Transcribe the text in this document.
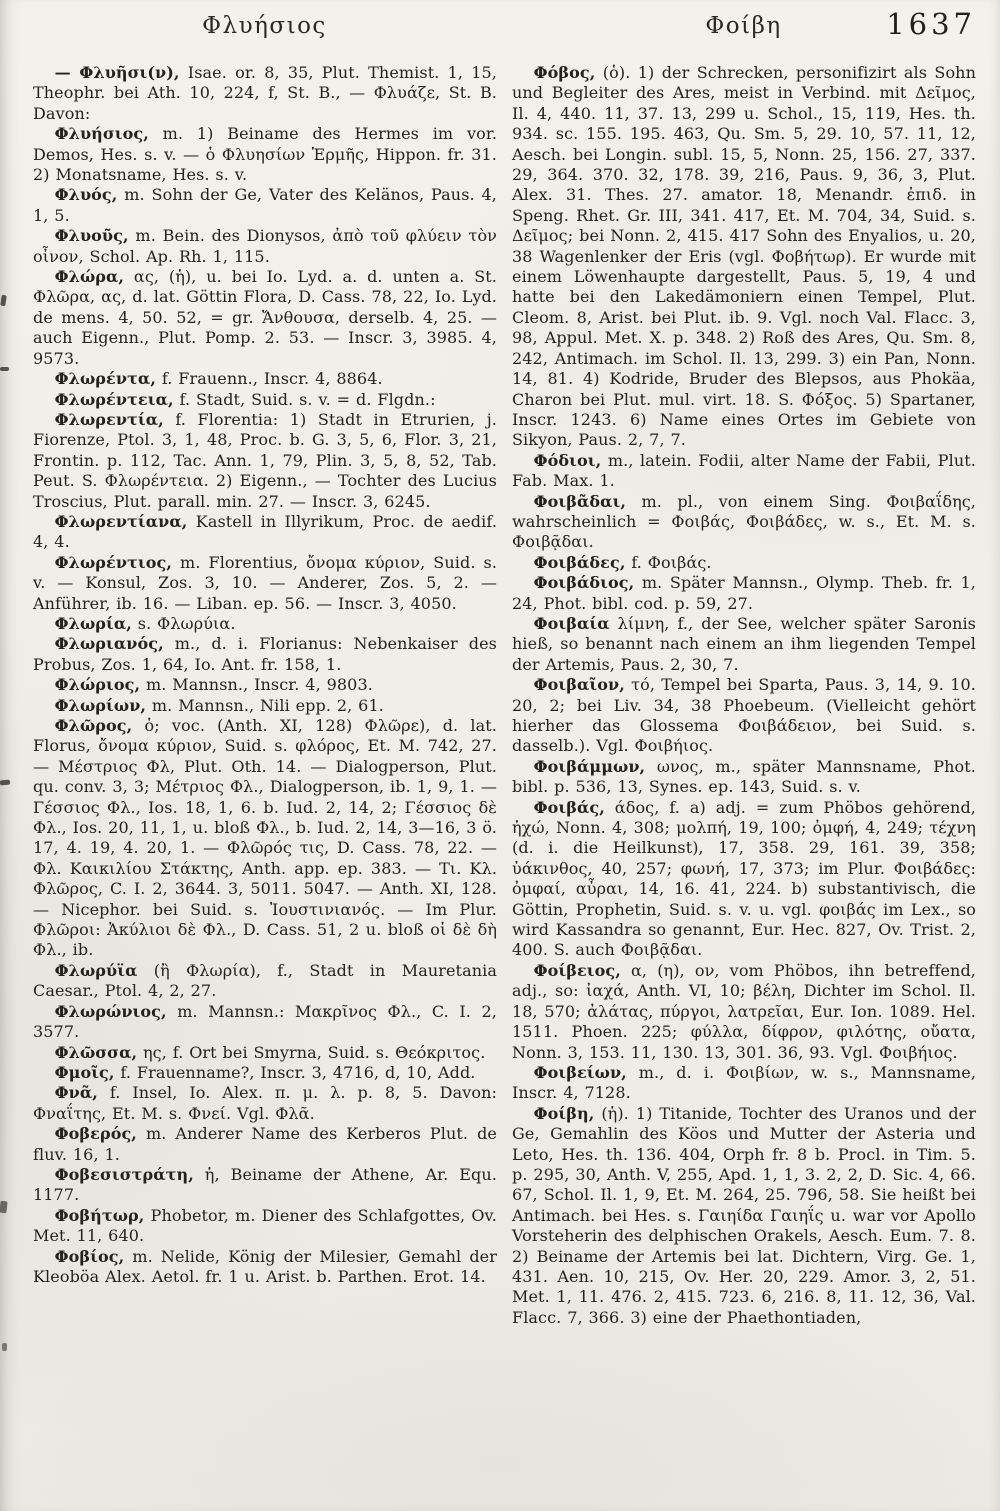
Φλυήσιος	Φοίβη	1637

— Φλυῆσι(ν), Isae. or. 8, 35, Plut. Themist. 1, 15, Theophr. bei Ath. 10, 224, f, St. B., — Φλυάζε, St. B. Davon:

Φλυήσιος, m. 1) Beiname des Hermes im vor. Demos, Hes. s. v. — ὁ Φλυησίων Ἑρμῆς, Hippon. fr. 31. 2) Monatsname, Hes. s. v.

Φλυός, m. Sohn der Ge, Vater des Kelänos, Paus. 4, 1, 5.

Φλυοῦς, m. Bein. des Dionysos, ἀπὸ τοῦ φλύειν τὸν οἶνον, Schol. Ap. Rh. 1, 115.

Φλώρα, ας, (ἡ), u. bei Io. Lyd. a. d. unten a. St. Φλῶρα, ας, d. lat. Göttin Flora, D. Cass. 78, 22, Io. Lyd. de mens. 4, 50. 52, = gr. Ἄνθουσα, derselb. 4, 25. — auch Eigenn., Plut. Pomp. 2. 53. — Inscr. 3, 3985. 4, 9573.

Φλωρέντα, f. Frauenn., Inscr. 4, 8864.

Φλωρέντεια, f. Stadt, Suid. s. v. = d. Flgdn.:

Φλωρεντία, f. Florentia: 1) Stadt in Etrurien, j. Fiorenze, Ptol. 3, 1, 48, Proc. b. G. 3, 5, 6, Flor. 3, 21, Frontin. p. 112, Tac. Ann. 1, 79, Plin. 3, 5, 8, 52, Tab. Peut. S. Φλωρέντεια. 2) Eigenn., — Tochter des Lucius Troscius, Plut. parall. min. 27. — Inscr. 3, 6245.

Φλωρεντίανα, Kastell in Illyrikum, Proc. de aedif. 4, 4.

Φλωρέντιος, m. Florentius, ὄνομα κύριον, Suid. s. v. — Konsul, Zos. 3, 10. — Anderer, Zos. 5, 2. — Anführer, ib. 16. — Liban. ep. 56. — Inscr. 3, 4050.

Φλωρία, s. Φλωρύια.

Φλωριανός, m., d. i. Florianus: Nebenkaiser des Probus, Zos. 1, 64, Io. Ant. fr. 158, 1.

Φλώριος, m. Mannsn., Inscr. 4, 9803.

Φλωρίων, m. Mannsn., Nili epp. 2, 61.

Φλῶρος, ὁ; voc. (Anth. XI, 128) Φλῶρε), d. lat. Florus, ὄνομα κύριον, Suid. s. φλόρος, Et. M. 742, 27. — Μέστριος Φλ, Plut. Oth. 14. — Dialogperson, Plut. qu. conv. 3, 3; Μέτριος Φλ., Dialogperson, ib. 1, 9, 1. — Γέσσιος Φλ., Ios. 18, 1, 6. b. Iud. 2, 14, 2; Γέσσιος δὲ Φλ., Ios. 20, 11, 1, u. bloß Φλ., b. Iud. 2, 14, 3—16, 3 ö. 17, 4. 19, 4. 20, 1. — Φλῶρός τις, D. Cass. 78, 22. — Φλ. Καικιλίου Στάκτης, Anth. app. ep. 383. — Τι. Κλ. Φλῶρος, C. I. 2, 3644. 3, 5011. 5047. — Anth. XI, 128. — Nicephor. bei Suid. s. Ἰουστινιανός. — Im Plur. Φλῶροι: Ἀκύλιοι δὲ Φλ., D. Cass. 51, 2 u. bloß οἱ δὲ δὴ Φλ., ib.

Φλωρύϊα (ἢ Φλωρία), f., Stadt in Mauretania Caesar., Ptol. 4, 2, 27.

Φλωρώνιος, m. Mannsn.: Μακρῖνος Φλ., C. I. 2, 3577.

Φλῶσσα, ης, f. Ort bei Smyrna, Suid. s. Θεόκριτος.

Φμοῖς, f. Frauenname?, Inscr. 3, 4716, d, 10, Add.

Φνᾶ, f. Insel, Io. Alex. π. μ. λ. p. 8, 5. Davon: Φναΐτης, Et. M. s. Φνεί. Vgl. Φλᾶ.

Φοβερός, m. Anderer Name des Kerberos Plut. de fluv. 16, 1.

Φοβεσιστράτη, ἡ, Beiname der Athene, Ar. Equ. 1177.

Φοβήτωρ, Phobetor, m. Diener des Schlafgottes, Ov. Met. 11, 640.

Φοβίος, m. Nelide, König der Milesier, Gemahl der Kleoböa Alex. Aetol. fr. 1 u. Arist. b. Parthen. Erot. 14.

Φόβος, (ὁ). 1) der Schrecken, personifizirt als Sohn und Begleiter des Ares, meist in Verbind. mit Δεῖμος, Il. 4, 440. 11, 37. 13, 299 u. Schol., 15, 119, Hes. th. 934. sc. 155. 195. 463, Qu. Sm. 5, 29. 10, 57. 11, 12, Aesch. bei Longin. subl. 15, 5, Nonn. 25, 156. 27, 337. 29, 364. 370. 32, 178. 39, 216, Paus. 9, 36, 3, Plut. Alex. 31. Thes. 27. amator. 18, Menandr. ἐπιδ. in Speng. Rhet. Gr. III, 341. 417, Et. M. 704, 34, Suid. s. Δεῖμος; bei Nonn. 2, 415. 417 Sohn des Enyalios, u. 20, 38 Wagenlenker der Eris (vgl. Φοβήτωρ). Er wurde mit einem Löwenhaupte dargestellt, Paus. 5, 19, 4 und hatte bei den Lakedämoniern einen Tempel, Plut. Cleom. 8, Arist. bei Plut. ib. 9. Vgl. noch Val. Flacc. 3, 98, Appul. Met. X. p. 348. 2) Roß des Ares, Qu. Sm. 8, 242, Antimach. im Schol. Il. 13, 299. 3) ein Pan, Nonn. 14, 81. 4) Kodride, Bruder des Blepsos, aus Phokäa, Charon bei Plut. mul. virt. 18. S. Φόξος. 5) Spartaner, Inscr. 1243. 6) Name eines Ortes im Gebiete von Sikyon, Paus. 2, 7, 7.

Φόδιοι, m., latein. Fodii, alter Name der Fabii, Plut. Fab. Max. 1.

Φοιβᾶδαι, m. pl., von einem Sing. Φοιβαΐδης, wahrscheinlich = Φοιβάς, Φοιβάδες, w. s., Et. M. s. Φοιβᾷδαι.

Φοιβάδες, f. Φοιβάς.

Φοιβάδιος, m. Später Mannsn., Olymp. Theb. fr. 1, 24, Phot. bibl. cod. p. 59, 27.

Φοιβαία λίμνη, f., der See, welcher später Saronis hieß, so benannt nach einem an ihm liegenden Tempel der Artemis, Paus. 2, 30, 7.

Φοιβαῖον, τό, Tempel bei Sparta, Paus. 3, 14, 9. 10. 20, 2; bei Liv. 34, 38 Phoebeum. (Vielleicht gehört hierher das Glossema Φοιβάδειον, bei Suid. s. dasselb.). Vgl. Φοιβήιος.

Φοιβάμμων, ωνος, m., später Mannsname, Phot. bibl. p. 536, 13, Synes. ep. 143, Suid. s. v.

Φοιβάς, άδος, f. a) adj. = zum Phöbos gehörend, ἠχώ, Nonn. 4, 308; μολπή, 19, 100; ὀμφή, 4, 249; τέχνη (d. i. die Heilkunst), 17, 358. 29, 161. 39, 358; ὑάκινθος, 40, 257; φωνή, 17, 373; im Plur. Φοιβάδες: ὀμφαί, αὖραι, 14, 16. 41, 224. b) substantivisch, die Göttin, Prophetin, Suid. s. v. u. vgl. φοιβάς im Lex., so wird Kassandra so genannt, Eur. Hec. 827, Ov. Trist. 2, 400. S. auch Φοιβᾷδαι.

Φοίβειος, α, (η), ον, vom Phöbos, ihn betreffend, adj., so: ἰαχά, Anth. VI, 10; βέλη, Dichter im Schol. Il. 18, 570; ἀλάτας, πύργοι, λατρεῖαι, Eur. Ion. 1089. Hel. 1511. Phoen. 225; φύλλα, δίφρον, φιλότης, οὔατα, Nonn. 3, 153. 11, 130. 13, 301. 36, 93. Vgl. Φοιβήιος.

Φοιβείων, m., d. i. Φοιβίων, w. s., Mannsname, Inscr. 4, 7128.

Φοίβη, (ἡ). 1) Titanide, Tochter des Uranos und der Ge, Gemahlin des Köos und Mutter der Asteria und Leto, Hes. th. 136. 404, Orph fr. 8 b. Procl. in Tim. 5. p. 295, 30, Anth. V, 255, Apd. 1, 1, 3. 2, 2, D. Sic. 4, 66. 67, Schol. Il. 1, 9, Et. M. 264, 25. 796, 58. Sie heißt bei Antimach. bei Hes. s. Γαιηίδα Γαιηΐς u. war vor Apollo Vorsteherin des delphischen Orakels, Aesch. Eum. 7. 8. 2) Beiname der Artemis bei lat. Dichtern, Virg. Ge. 1, 431. Aen. 10, 215, Ov. Her. 20, 229. Amor. 3, 2, 51. Met. 1, 11. 476. 2, 415. 723. 6, 216. 8, 11. 12, 36, Val. Flacc. 7, 366. 3) eine der Phaethontiaden,
